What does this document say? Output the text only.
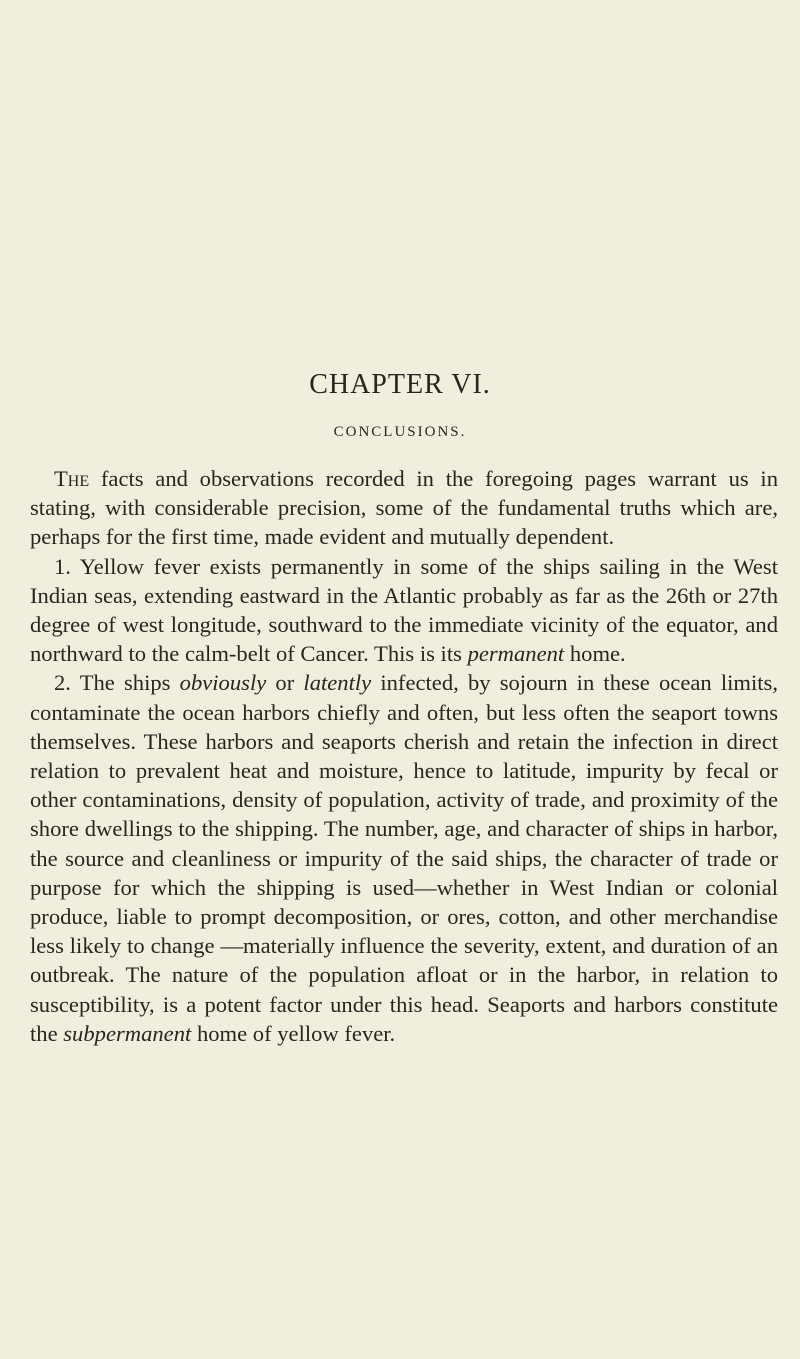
CHAPTER VI.
CONCLUSIONS.

The facts and observations recorded in the foregoing pages warrant us in stating, with considerable precision, some of the fundamental truths which are, perhaps for the first time, made evident and mutually dependent.

1. Yellow fever exists permanently in some of the ships sailing in the West Indian seas, extending eastward in the Atlantic probably as far as the 26th or 27th degree of west longitude, southward to the immediate vicinity of the equator, and northward to the calm-belt of Cancer. This is its permanent home.

2. The ships obviously or latently infected, by sojourn in these ocean limits, contaminate the ocean harbors chiefly and often, but less often the seaport towns themselves. These harbors and seaports cherish and retain the infection in direct relation to prevalent heat and moisture, hence to latitude, impurity by fecal or other contaminations, density of population, activity of trade, and proximity of the shore dwellings to the shipping. The number, age, and character of ships in harbor, the source and cleanliness or impurity of the said ships, the character of trade or purpose for which the shipping is used—whether in West Indian or colonial produce, liable to prompt decomposition, or ores, cotton, and other merchandise less likely to change —materially influence the severity, extent, and duration of an outbreak. The nature of the population afloat or in the harbor, in relation to susceptibility, is a potent factor under this head. Seaports and harbors constitute the subpermanent home of yellow fever.
